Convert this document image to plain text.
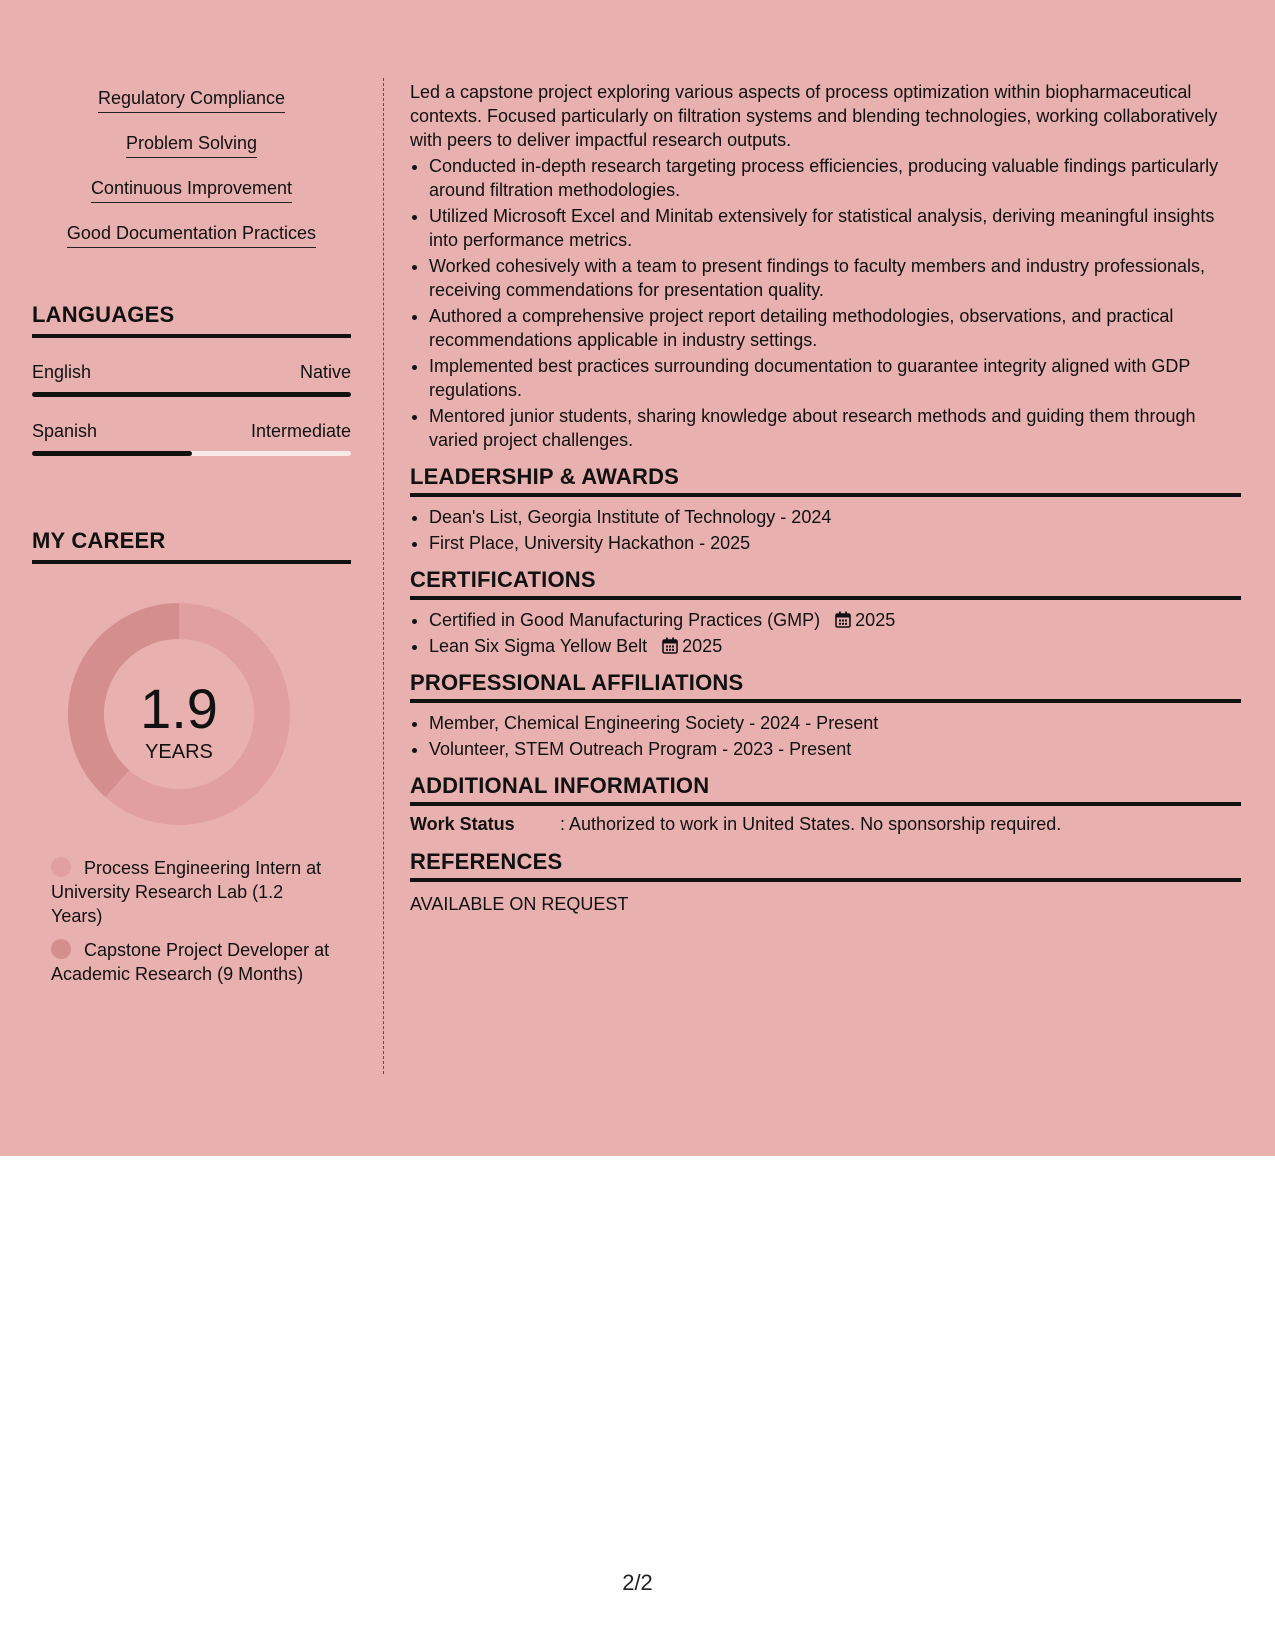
Regulatory Compliance
Problem Solving
Continuous Improvement
Good Documentation Practices
LANGUAGES
English	Native
Spanish	Intermediate
MY CAREER
1.9
YEARS
Process Engineering Intern at University Research Lab (1.2 Years)
Capstone Project Developer at Academic Research (9 Months)

Led a capstone project exploring various aspects of process optimization within biopharmaceutical contexts. Focused particularly on filtration systems and blending technologies, working collaboratively with peers to deliver impactful research outputs.

• Conducted in-depth research targeting process efficiencies, producing valuable findings particularly around filtration methodologies.
• Utilized Microsoft Excel and Minitab extensively for statistical analysis, deriving meaningful insights into performance metrics.
• Worked cohesively with a team to present findings to faculty members and industry professionals, receiving commendations for presentation quality.
• Authored a comprehensive project report detailing methodologies, observations, and practical recommendations applicable in industry settings.
• Implemented best practices surrounding documentation to guarantee integrity aligned with GDP regulations.
• Mentored junior students, sharing knowledge about research methods and guiding them through varied project challenges.
LEADERSHIP & AWARDS
• Dean's List, Georgia Institute of Technology - 2024
• First Place, University Hackathon - 2025
CERTIFICATIONS
• Certified in Good Manufacturing Practices (GMP) 2025
• Lean Six Sigma Yellow Belt 2025
PROFESSIONAL AFFILIATIONS
• Member, Chemical Engineering Society - 2024 - Present
• Volunteer, STEM Outreach Program - 2023 - Present
ADDITIONAL INFORMATION
Work Status	: Authorized to work in United States. No sponsorship required.
REFERENCES
AVAILABLE ON REQUEST
2/2
